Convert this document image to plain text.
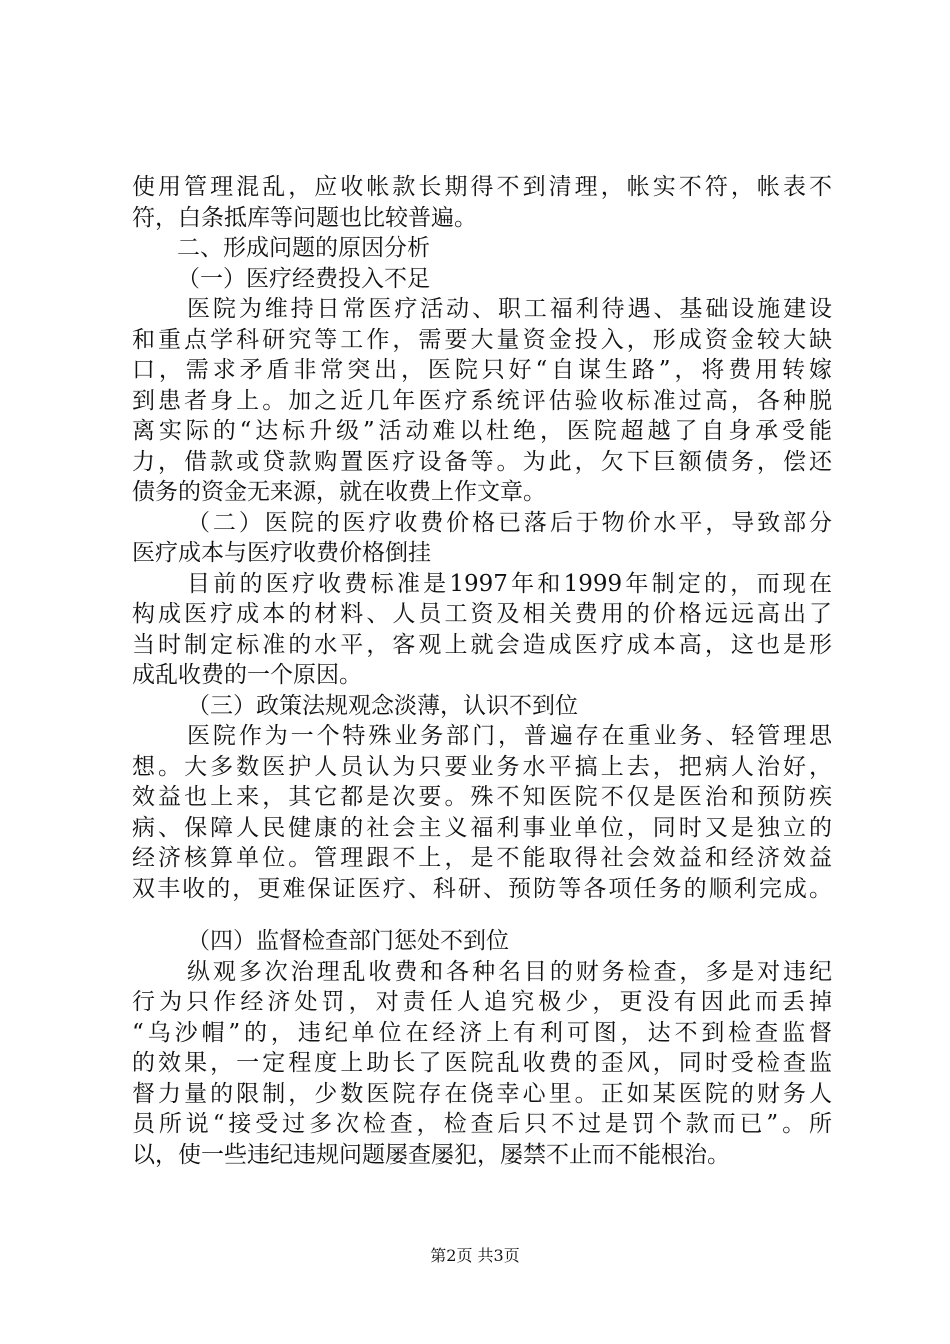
使用管理混乱，应收帐款长期得不到清理，帐实不符，帐表不
符，白条抵库等问题也比较普遍。
二、形成问题的原因分析
（一）医疗经费投入不足
医院为维持日常医疗活动、职工福利待遇、基础设施建设
和重点学科研究等工作，需要大量资金投入，形成资金较大缺
口，需求矛盾非常突出，医院只好“自谋生路”，将费用转嫁
到患者身上。加之近几年医疗系统评估验收标准过高，各种脱
离实际的“达标升级”活动难以杜绝，医院超越了自身承受能
力，借款或贷款购置医疗设备等。为此，欠下巨额债务，偿还
债务的资金无来源，就在收费上作文章。
（二）医院的医疗收费价格已落后于物价水平，导致部分
医疗成本与医疗收费价格倒挂
目前的医疗收费标准是1997年和1999年制定的，而现在
构成医疗成本的材料、人员工资及相关费用的价格远远高出了
当时制定标准的水平，客观上就会造成医疗成本高，这也是形
成乱收费的一个原因。
（三）政策法规观念淡薄，认识不到位
医院作为一个特殊业务部门，普遍存在重业务、轻管理思
想。大多数医护人员认为只要业务水平搞上去，把病人治好，
效益也上来，其它都是次要。殊不知医院不仅是医治和预防疾
病、保障人民健康的社会主义福利事业单位，同时又是独立的
经济核算单位。管理跟不上，是不能取得社会效益和经济效益
双丰收的，更难保证医疗、科研、预防等各项任务的顺利完成。
（四）监督检查部门惩处不到位
纵观多次治理乱收费和各种名目的财务检查，多是对违纪
行为只作经济处罚，对责任人追究极少，更没有因此而丢掉
“乌沙帽”的，违纪单位在经济上有利可图，达不到检查监督
的效果，一定程度上助长了医院乱收费的歪风，同时受检查监
督力量的限制，少数医院存在侥幸心里。正如某医院的财务人
员所说“接受过多次检查，检查后只不过是罚个款而已”。所
以，使一些违纪违规问题屡查屡犯，屡禁不止而不能根治。
第2页 共3页
